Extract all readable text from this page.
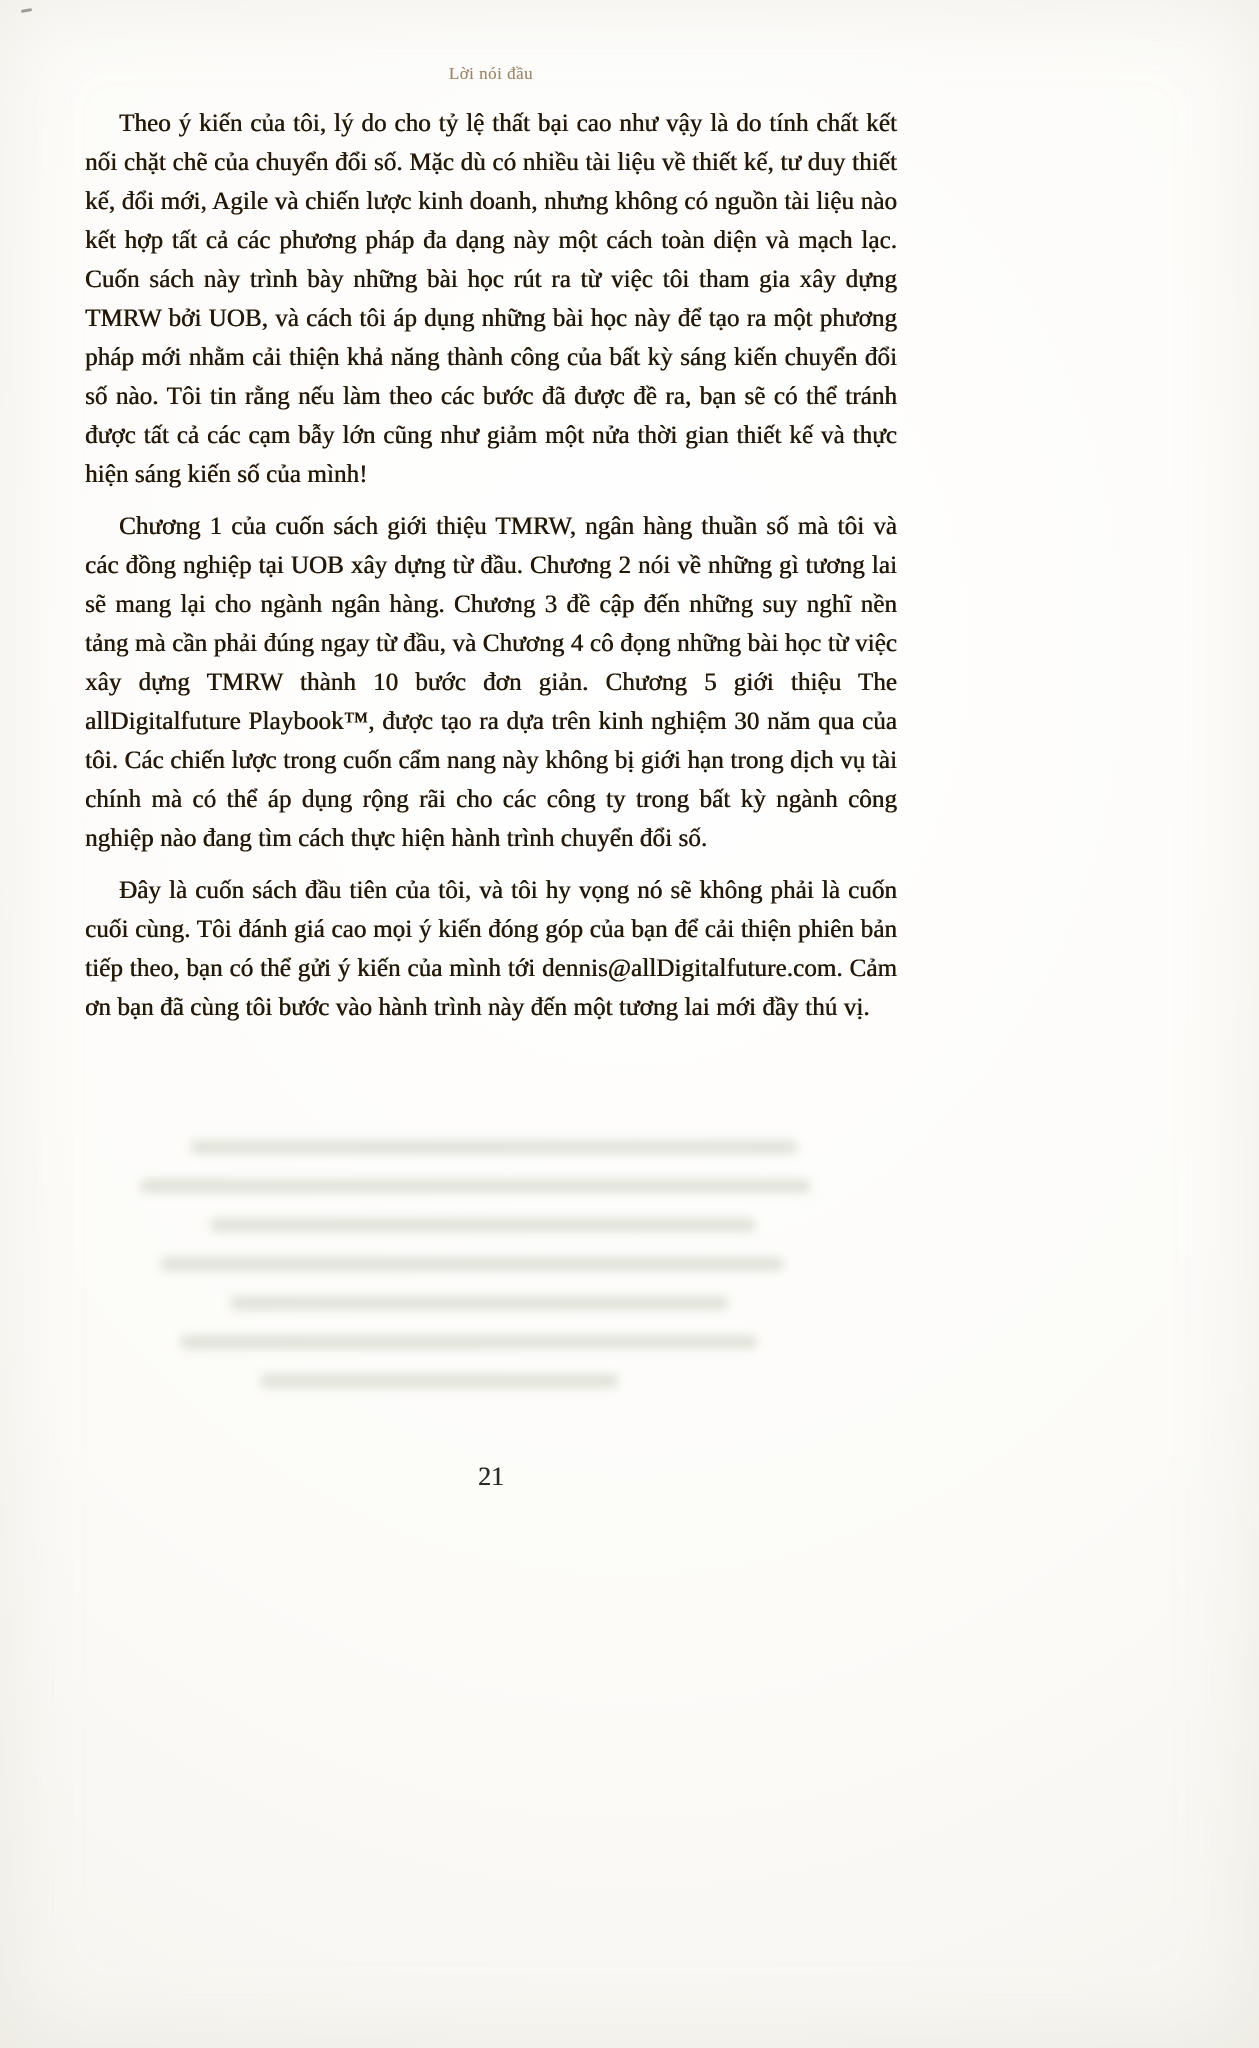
Lời nói đầu

Theo ý kiến của tôi, lý do cho tỷ lệ thất bại cao như vậy là do tính chất kết nối chặt chẽ của chuyển đổi số. Mặc dù có nhiều tài liệu về thiết kế, tư duy thiết kế, đổi mới, Agile và chiến lược kinh doanh, nhưng không có nguồn tài liệu nào kết hợp tất cả các phương pháp đa dạng này một cách toàn diện và mạch lạc. Cuốn sách này trình bày những bài học rút ra từ việc tôi tham gia xây dựng TMRW bởi UOB, và cách tôi áp dụng những bài học này để tạo ra một phương pháp mới nhằm cải thiện khả năng thành công của bất kỳ sáng kiến chuyển đổi số nào. Tôi tin rằng nếu làm theo các bước đã được đề ra, bạn sẽ có thể tránh được tất cả các cạm bẫy lớn cũng như giảm một nửa thời gian thiết kế và thực hiện sáng kiến số của mình!

Chương 1 của cuốn sách giới thiệu TMRW, ngân hàng thuần số mà tôi và các đồng nghiệp tại UOB xây dựng từ đầu. Chương 2 nói về những gì tương lai sẽ mang lại cho ngành ngân hàng. Chương 3 đề cập đến những suy nghĩ nền tảng mà cần phải đúng ngay từ đầu, và Chương 4 cô đọng những bài học từ việc xây dựng TMRW thành 10 bước đơn giản. Chương 5 giới thiệu The allDigitalfuture Playbook™, được tạo ra dựa trên kinh nghiệm 30 năm qua của tôi. Các chiến lược trong cuốn cẩm nang này không bị giới hạn trong dịch vụ tài chính mà có thể áp dụng rộng rãi cho các công ty trong bất kỳ ngành công nghiệp nào đang tìm cách thực hiện hành trình chuyển đổi số.

Đây là cuốn sách đầu tiên của tôi, và tôi hy vọng nó sẽ không phải là cuốn cuối cùng. Tôi đánh giá cao mọi ý kiến đóng góp của bạn để cải thiện phiên bản tiếp theo, bạn có thể gửi ý kiến của mình tới dennis@allDigitalfuture.com. Cảm ơn bạn đã cùng tôi bước vào hành trình này đến một tương lai mới đầy thú vị.

21
